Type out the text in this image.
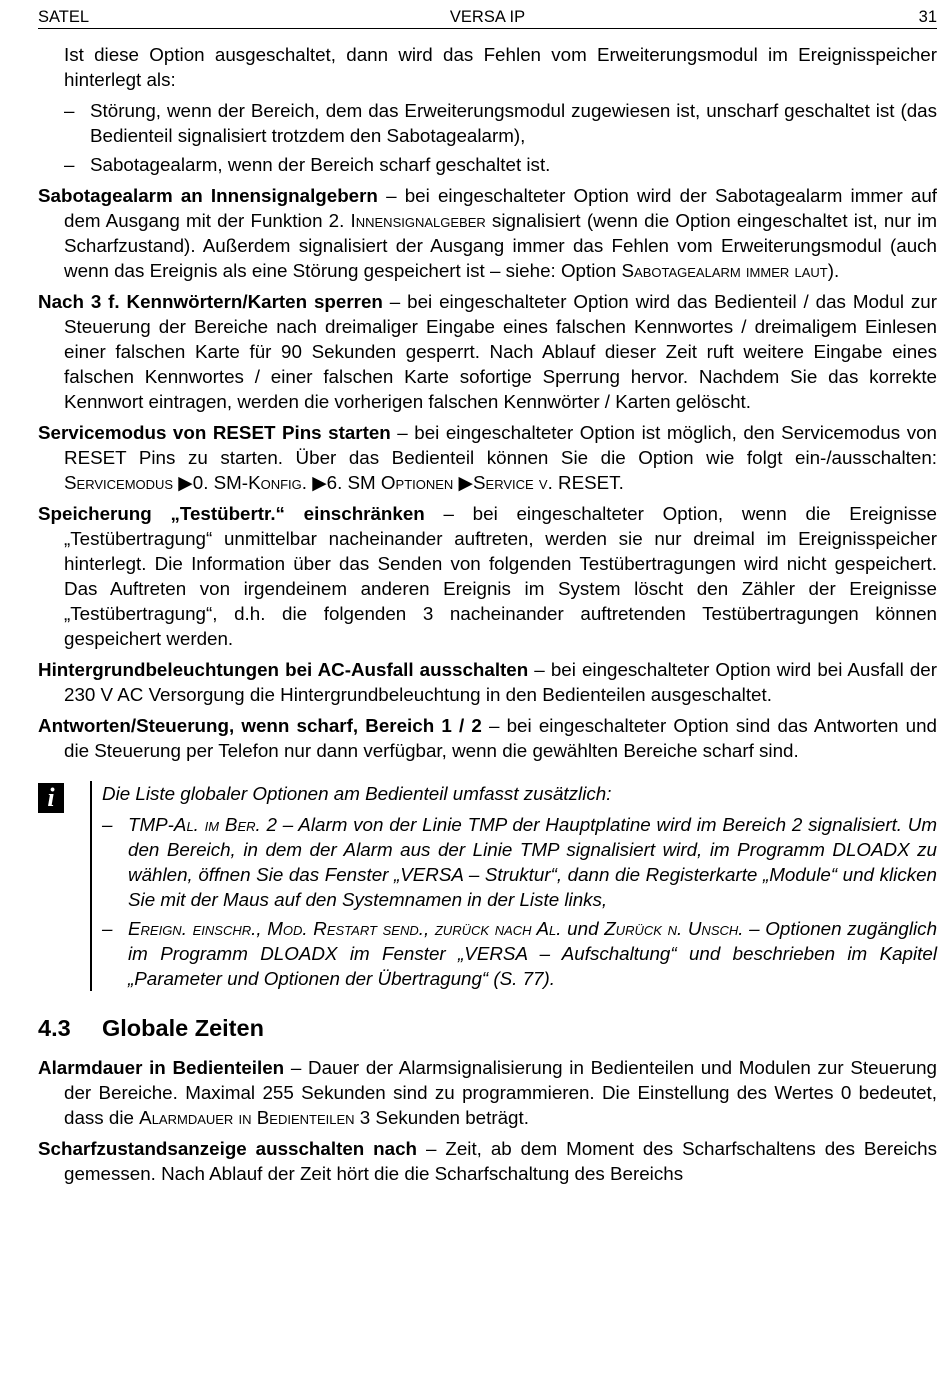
SATEL	VERSA IP	31

Ist diese Option ausgeschaltet, dann wird das Fehlen vom Erweiterungsmodul im Ereignisspeicher hinterlegt als:

– Störung, wenn der Bereich, dem das Erweiterungsmodul zugewiesen ist, unscharf geschaltet ist (das Bedienteil signalisiert trotzdem den Sabotagealarm),
– Sabotagealarm, wenn der Bereich scharf geschaltet ist.

Sabotagealarm an Innensignalgebern – bei eingeschalteter Option wird der Sabotagealarm immer auf dem Ausgang mit der Funktion 2. Innensignalgeber signalisiert (wenn die Option eingeschaltet ist, nur im Scharfzustand). Außerdem signalisiert der Ausgang immer das Fehlen vom Erweiterungsmodul (auch wenn das Ereignis als eine Störung gespeichert ist – siehe: Option Sabotagealarm immer laut).

Nach 3 f. Kennwörtern/Karten sperren – bei eingeschalteter Option wird das Bedienteil / das Modul zur Steuerung der Bereiche nach dreimaliger Eingabe eines falschen Kennwortes / dreimaligem Einlesen einer falschen Karte für 90 Sekunden gesperrt. Nach Ablauf dieser Zeit ruft weitere Eingabe eines falschen Kennwortes / einer falschen Karte sofortige Sperrung hervor. Nachdem Sie das korrekte Kennwort eintragen, werden die vorherigen falschen Kennwörter / Karten gelöscht.

Servicemodus von RESET Pins starten – bei eingeschalteter Option ist möglich, den Servicemodus von RESET Pins zu starten. Über das Bedienteil können Sie die Option wie folgt ein-/ausschalten: Servicemodus ▶0. SM-Konfig. ▶6. SM Optionen ▶Service v. RESET.

Speicherung „Testübertr.“ einschränken – bei eingeschalteter Option, wenn die Ereignisse „Testübertragung“ unmittelbar nacheinander auftreten, werden sie nur dreimal im Ereignisspeicher hinterlegt. Die Information über das Senden von folgenden Testübertragungen wird nicht gespeichert. Das Auftreten von irgendeinem anderen Ereignis im System löscht den Zähler der Ereignisse „Testübertragung“, d.h. die folgenden 3 nacheinander auftretenden Testübertragungen können gespeichert werden.

Hintergrundbeleuchtungen bei AC-Ausfall ausschalten – bei eingeschalteter Option wird bei Ausfall der 230 V AC Versorgung die Hintergrundbeleuchtung in den Bedienteilen ausgeschaltet.

Antworten/Steuerung, wenn scharf, Bereich 1 / 2 – bei eingeschalteter Option sind das Antworten und die Steuerung per Telefon nur dann verfügbar, wenn die gewählten Bereiche scharf sind.

i	Die Liste globaler Optionen am Bedienteil umfasst zusätzlich:

– TMP-Al. im Ber. 2 – Alarm von der Linie TMP der Hauptplatine wird im Bereich 2 signalisiert. Um den Bereich, in dem der Alarm aus der Linie TMP signalisiert wird, im Programm DLOADX zu wählen, öffnen Sie das Fenster „VERSA – Struktur“, dann die Registerkarte „Module“ und klicken Sie mit der Maus auf den Systemnamen in der Liste links,
– Ereign. einschr., Mod. Restart send., zurück nach Al. und Zurück n. Unsch. – Optionen zugänglich im Programm DLOADX im Fenster „VERSA – Aufschaltung“ und beschrieben im Kapitel „Parameter und Optionen der Übertragung“ (S. 77).
4.3 Globale Zeiten

Alarmdauer in Bedienteilen – Dauer der Alarmsignalisierung in Bedienteilen und Modulen zur Steuerung der Bereiche. Maximal 255 Sekunden sind zu programmieren. Die Einstellung des Wertes 0 bedeutet, dass die Alarmdauer in Bedienteilen 3 Sekunden beträgt.

Scharfzustandsanzeige ausschalten nach – Zeit, ab dem Moment des Scharfschaltens des Bereichs gemessen. Nach Ablauf der Zeit hört die die Scharfschaltung des Bereichs
